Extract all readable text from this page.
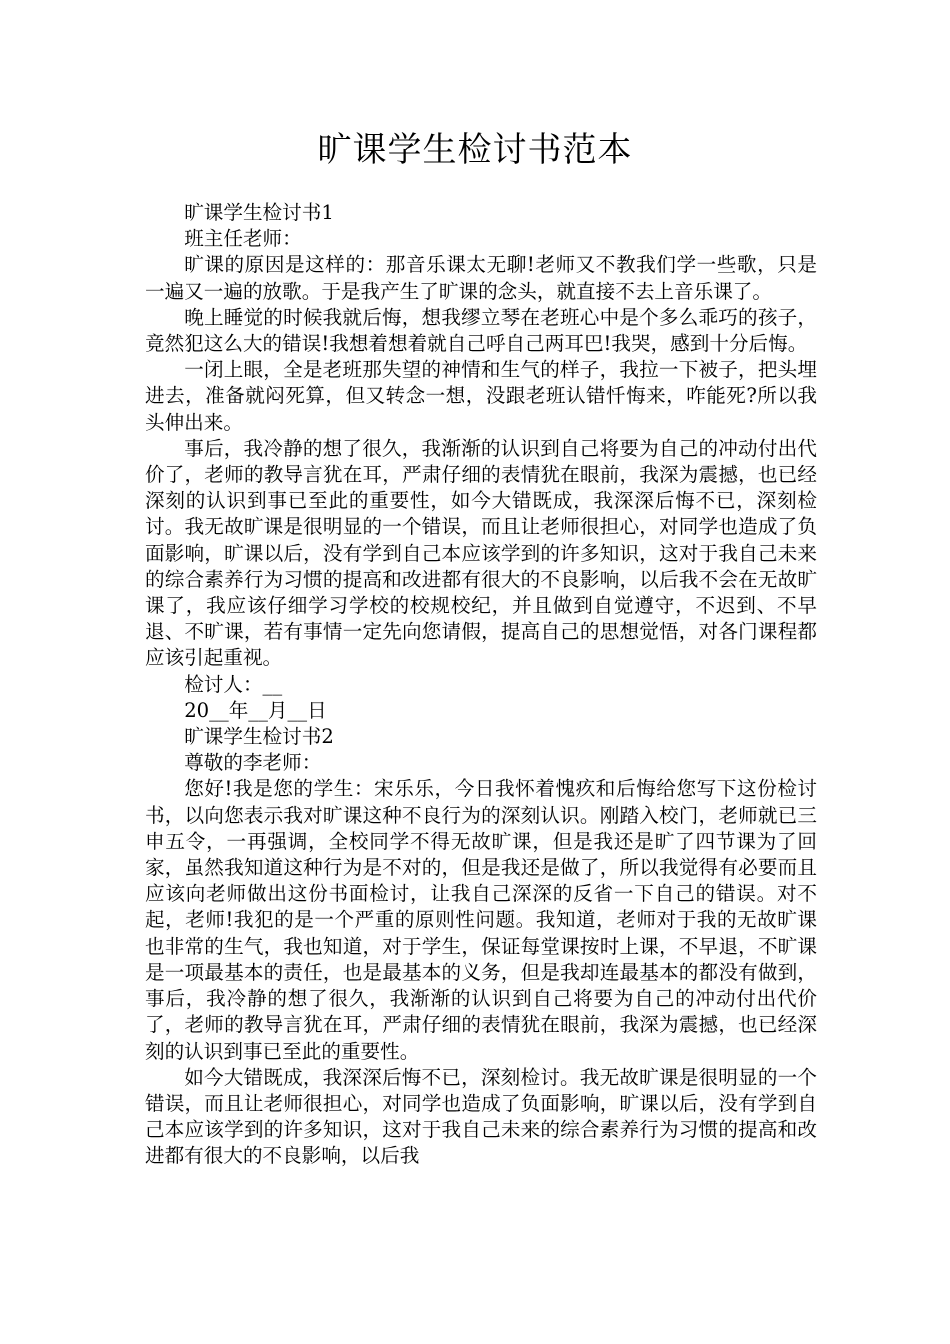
旷课学生检讨书范本

旷课学生检讨书1

班主任老师：

旷课的原因是这样的：那音乐课太无聊!老师又不教我们学一些歌，只是一遍又一遍的放歌。于是我产生了旷课的念头，就直接不去上音乐课了。

晚上睡觉的时候我就后悔，想我缪立琴在老班心中是个多么乖巧的孩子，竟然犯这么大的错误!我想着想着就自己呼自己两耳巴!我哭，感到十分后悔。

一闭上眼，全是老班那失望的神情和生气的样子，我拉一下被子，把头埋进去，准备就闷死算，但又转念一想，没跟老班认错忏悔来，咋能死?所以我头伸出来。

事后，我冷静的想了很久，我渐渐的认识到自己将要为自己的冲动付出代价了，老师的教导言犹在耳，严肃仔细的表情犹在眼前，我深为震撼，也已经深刻的认识到事已至此的重要性，如今大错既成，我深深后悔不已，深刻检讨。我无故旷课是很明显的一个错误，而且让老师很担心，对同学也造成了负面影响，旷课以后，没有学到自己本应该学到的许多知识，这对于我自己未来的综合素养行为习惯的提高和改进都有很大的不良影响，以后我不会在无故旷课了，我应该仔细学习学校的校规校纪，并且做到自觉遵守，不迟到、不早退、不旷课，若有事情一定先向您请假，提高自己的思想觉悟，对各门课程都应该引起重视。

检讨人：__

20__年__月__日

旷课学生检讨书2

尊敬的李老师：

您好!我是您的学生：宋乐乐，今日我怀着愧疚和后悔给您写下这份检讨书，以向您表示我对旷课这种不良行为的深刻认识。刚踏入校门，老师就已三申五令，一再强调，全校同学不得无故旷课，但是我还是旷了四节课为了回家，虽然我知道这种行为是不对的，但是我还是做了，所以我觉得有必要而且应该向老师做出这份书面检讨，让我自己深深的反省一下自己的错误。对不起，老师!我犯的是一个严重的原则性问题。我知道，老师对于我的无故旷课也非常的生气，我也知道，对于学生，保证每堂课按时上课，不早退，不旷课是一项最基本的责任，也是最基本的义务，但是我却连最基本的都没有做到，事后，我冷静的想了很久，我渐渐的认识到自己将要为自己的冲动付出代价了，老师的教导言犹在耳，严肃仔细的表情犹在眼前，我深为震撼，也已经深刻的认识到事已至此的重要性。

如今大错既成，我深深后悔不已，深刻检讨。我无故旷课是很明显的一个错误，而且让老师很担心，对同学也造成了负面影响，旷课以后，没有学到自己本应该学到的许多知识，这对于我自己未来的综合素养行为习惯的提高和改进都有很大的不良影响，以后我
